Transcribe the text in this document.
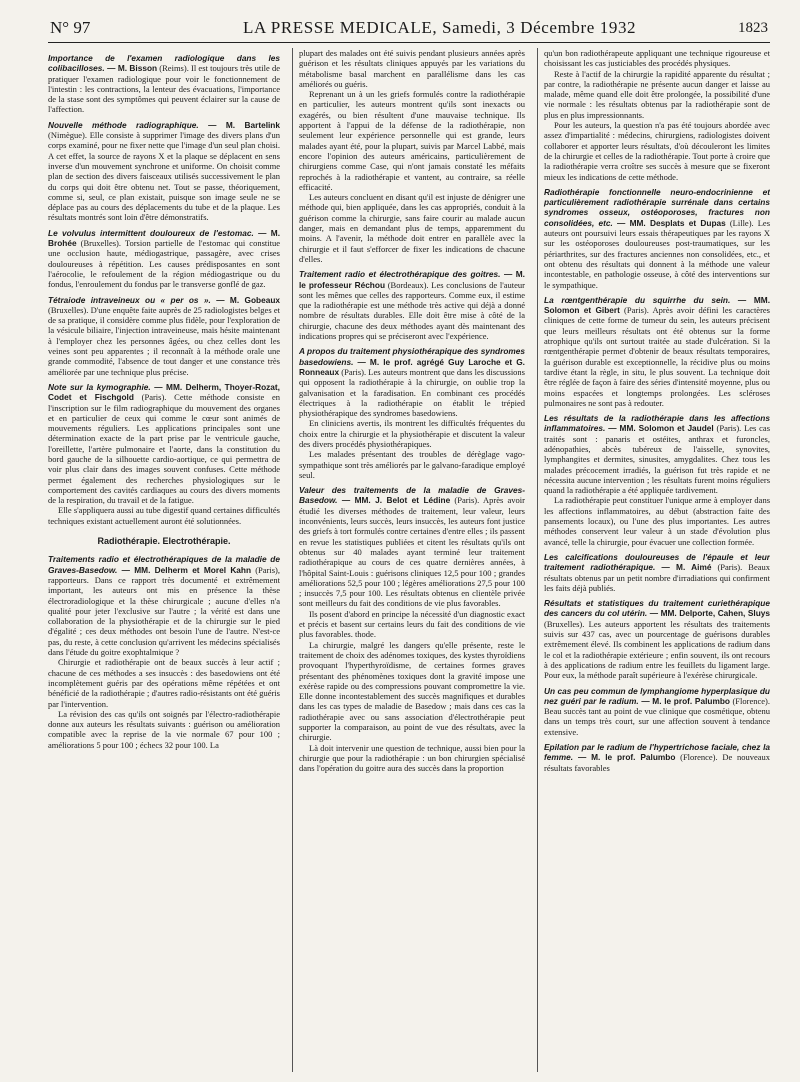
N° 97	LA PRESSE MEDICALE, Samedi, 3 Décembre 1932	1823

Importance de l'examen radiologique dans les colibacilloses. — M. Bisson (Reims). Il est toujours très utile de pratiquer l'examen radiologique pour voir le fonctionnement de l'intestin : les contractions, la lenteur des évacuations, l'importance de la stase sont des symptômes qui peuvent éclairer sur la cause de l'affection.

Nouvelle méthode radiographique. — M. Bartelink (Nimègue). Elle consiste à supprimer l'image des divers plans d'un corps examiné, pour ne fixer nette que l'image d'un seul plan choisi. A cet effet, la source de rayons X et la plaque se déplacent en sens inverse d'un mouvement synchrone et uniforme. On choisit comme plan de section des divers faisceaux utilisés successivement le plan du corps qui doit être obtenu net. Tout se passe, théoriquement, comme si, seul, ce plan existait, puisque son image seule ne se déplace pas au cours des déplacements du tube et de la plaque. Les résultats montrés sont loin d'être démonstratifs.

Le volvulus intermittent douloureux de l'estomac. — M. Brohée (Bruxelles). Torsion partielle de l'estomac qui constitue une occlusion haute, médiogastrique, passagère, avec crises douloureuses à répétition. Les causes prédisposantes en sont l'aérocolie, le refoulement de la région médiogastrique ou du fondus, l'enroulement du fondus par le transverse gonflé de gaz.

Tétraiode intraveineux ou « per os ». — M. Gobeaux (Bruxelles). D'une enquête faite auprès de 25 radiologistes belges et de sa pratique, il considère comme plus fidèle, pour l'exploration de la vésicule biliaire, l'injection intraveineuse, mais hésite maintenant à l'employer chez les personnes âgées, ou chez celles dont les veines sont peu apparentes ; il reconnaît à la méthode orale une grande commodité, l'absence de tout danger et une constance très améliorée par une technique plus précise.

Note sur la kymographie. — MM. Delherm, Thoyer-Rozat, Codet et Fischgold (Paris). Cette méthode consiste en l'inscription sur le film radiographique du mouvement des organes et en particulier de ceux qui comme le cœur sont animés de mouvements réguliers. Les applications principales sont une détermination exacte de la part prise par le ventricule gauche, l'oreillette, l'artère pulmonaire et l'aorte, dans la constitution du bord gauche de la silhouette cardio-aortique, ce qui permettra de voir plus clair dans des images souvent confuses. Cette méthode permet également des recherches physiologiques sur le comportement des cavités cardiaques au cours des divers moments de la respiration, du travail et de la fatigue.

Elle s'appliquera aussi au tube digestif quand certaines difficultés techniques existant actuellement auront été solutionnées.

Radiothérapie. Electrothérapie.

Traitements radio et électrothérapiques de la maladie de Graves-Basedow. — MM. Delherm et Morel Kahn (Paris), rapporteurs. Dans ce rapport très documenté et extrêmement important, les auteurs ont mis en présence la thèse électroradiologique et la thèse chirurgicale ; aucune d'elles n'a qualité pour jeter l'exclusive sur l'autre ; la vérité est dans une collaboration de la physiothérapie et de la chirurgie sur le pied d'égalité ; ces deux méthodes ont besoin l'une de l'autre. N'est-ce pas, du reste, à cette conclusion qu'arrivent les médecins spécialisés dans l'étude du goitre exophtalmique ?

Chirurgie et radiothérapie ont de beaux succès à leur actif ; chacune de ces méthodes a ses insuccès : des basedowiens ont été incomplètement guéris par des opérations même répétées et ont bénéficié de la radiothérapie ; d'autres radio-résistants ont été guéris par l'intervention.

La révision des cas qu'ils ont soignés par l'électro-radiothérapie donne aux auteurs les résultats suivants : guérison ou amélioration compatible avec la reprise de la vie normale 67 pour 100 ; améliorations 5 pour 100 ; échecs 32 pour 100. La

plupart des malades ont été suivis pendant plusieurs années après guérison et les résultats cliniques appuyés par les variations du métabolisme basal marchent en parallélisme dans les cas améliorés ou guéris.

Reprenant un à un les griefs formulés contre la radiothérapie en particulier, les auteurs montrent qu'ils sont inexacts ou exagérés, ou bien résultent d'une mauvaise technique. Ils apportent à l'appui de la défense de la radiothérapie, non seulement leur expérience personnelle qui est grande, leurs malades ayant été, pour la plupart, suivis par Marcel Labbé, mais encore l'opinion des auteurs américains, particulièrement de chirurgiens comme Case, qui n'ont jamais constaté les méfaits reprochés à la radiothérapie et vantent, au contraire, sa réelle efficacité.

Les auteurs concluent en disant qu'il est injuste de dénigrer une méthode qui, bien appliquée, dans les cas appropriés, conduit à la guérison comme la chirurgie, sans faire courir au malade aucun danger, mais en demandant plus de temps, apparemment du moins. A l'avenir, la méthode doit entrer en parallèle avec la chirurgie et il faut s'efforcer de fixer les indications de chacune d'elles.

Traitement radio et électrothérapique des goitres. — M. le professeur Réchou (Bordeaux). Les conclusions de l'auteur sont les mêmes que celles des rapporteurs. Comme eux, il estime que la radiothérapie est une méthode très active qui déjà a donné nombre de résultats durables. Elle doit être mise à côté de la chirurgie, chacune des deux méthodes ayant dès maintenant des indications propres qui se préciseront avec l'expérience.

A propos du traitement physiothérapique des syndromes basedowiens. — M. le prof. agrégé Guy Laroche et G. Ronneaux (Paris). Les auteurs montrent que dans les discussions qui opposent la radiothérapie à la chirurgie, on oublie trop la galvanisation et la faradisation. En combinant ces procédés électriques à la radiothérapie on établit le trépied physiothérapique des syndromes basedowiens.

En cliniciens avertis, ils montrent les difficultés fréquentes du choix entre la chirurgie et la physiothérapie et discutent la valeur des divers procédés physiothérapiques.

Les malades présentant des troubles de dérèglage vago-sympathique sont très améliorés par le galvano-faradique employé seul.

Valeur des traitements de la maladie de Graves-Basedow. — MM. J. Belot et Lédine (Paris). Après avoir étudié les diverses méthodes de traitement, leur valeur, leurs inconvénients, leurs succès, leurs insuccès, les auteurs font justice des griefs à tort formulés contre certaines d'entre elles ; ils passent en revue les statistiques publiées et citent les résultats qu'ils ont obtenus sur 40 malades ayant terminé leur traitement radiothérapique au cours de ces quatre dernières années, à l'hôpital Saint-Louis : guérisons cliniques 12,5 pour 100 ; grandes améliorations 52,5 pour 100 ; légères améliorations 27,5 pour 100 ; insuccès 7,5 pour 100. Les résultats obtenus en clientèle privée sont meilleurs du fait des conditions de vie plus favorables.

Ils posent d'abord en principe la nécessité d'un diagnostic exact et précis et basent sur certains leurs du fait des conditions de vie plus favorables. thode.

La chirurgie, malgré les dangers qu'elle présente, reste le traitement de choix des adénomes toxiques, des kystes thyroïdiens provoquant l'hyperthyroïdisme, de certaines formes graves présentant des phénomènes toxiques dont la gravité impose une exérèse rapide ou des compressions pouvant compromettre la vie. Elle donne incontestablement des succès magnifiques et durables dans les cas types de maladie de Basedow ; mais dans ces cas la radiothérapie avec ou sans association d'électrothérapie peut supporter la comparaison, au point de vue des résultats, avec la chirurgie.

Là doit intervenir une question de technique, aussi bien pour la chirurgie que pour la radiothérapie : un bon chirurgien spécialisé dans l'opération du goitre aura des succès dans la proportion

qu'un bon radiothérapeute appliquant une technique rigoureuse et choisissant les cas justiciables des procédés physiques.

Reste à l'actif de la chirurgie la rapidité apparente du résultat ; par contre, la radiothérapie ne présente aucun danger et laisse au malade, même quand elle doit être prolongée, la possibilité d'une vie normale : les résultats obtenus par la radiothérapie sont de plus en plus impressionnants.

Pour les auteurs, la question n'a pas été toujours abordée avec assez d'impartialité : médecins, chirurgiens, radiologistes doivent collaborer et apporter leurs résultats, d'où découleront les limites de la chirurgie et celles de la radiothérapie. Tout porte à croire que la radiothérapie verra croître ses succès à mesure que se fixeront mieux les indications de cette méthode.

Radiothérapie fonctionnelle neuro-endocrinienne et particulièrement radiothérapie surrénale dans certains syndromes osseux, ostéoporoses, fractures non consolidées, etc. — MM. Desplats et Dupas (Lille). Les auteurs ont poursuivi leurs essais thérapeutiques par les rayons X sur les ostéoporoses douloureuses post-traumatiques, sur les périarthrites, sur des fractures anciennes non consolidées, etc., et ont obtenu des résultats qui donnent à la méthode une valeur incontestable, en pathologie osseuse, à côté des interventions sur le sympathique.

La rœntgenthérapie du squirrhe du sein. — MM. Solomon et Gibert (Paris). Après avoir défini les caractères cliniques de cette forme de tumeur du sein, les auteurs précisent que leurs meilleurs résultats ont été obtenus sur la forme atrophique qu'ils ont surtout traitée au stade d'ulcération. Si la rœntgenthérapie permet d'obtenir de beaux résultats temporaires, la guérison durable est exceptionnelle, la récidive plus ou moins tardive étant la règle, in situ, le plus souvent. La technique doit être réglée de façon à faire des séries d'intensité moyenne, plus ou moins espacées et longtemps prolongées. Les scléroses pulmonaires ne sont pas à redouter.

Les résultats de la radiothérapie dans les affections inflammatoires. — MM. Solomon et Jaudel (Paris). Les cas traités sont : panaris et ostéites, anthrax et furoncles, adénopathies, abcès tubéreux de l'aisselle, synovites, lymphangites et dermites, sinusites, amygdalites. Chez tous les malades précocement irradiés, la guérison fut très rapide et ne nécessita aucune intervention ; les résultats furent moins réguliers quand la radiothérapie a été appliquée tardivement.

La radiothérapie peut constituer l'unique arme à employer dans les affections inflammatoires, au début (abstraction faite des pansements locaux), ou l'une des plus importantes. Les autres méthodes conservent leur valeur à un stade d'évolution plus avancé, telle la chirurgie, pour évacuer une collection formée.

Les calcifications douloureuses de l'épaule et leur traitement radiothérapique. — M. Aimé (Paris). Beaux résultats obtenus par un petit nombre d'irradiations qui confirment les faits déjà publiés.

Résultats et statistiques du traitement curiethérapique des cancers du col utérin. — MM. Delporte, Cahen, Sluys (Bruxelles). Les auteurs apportent les résultats des traitements suivis sur 437 cas, avec un pourcentage de guérisons durables extrêmement élevé. Ils combinent les applications de radium dans le col et la radiothérapie extérieure ; enfin souvent, ils ont recours à des applications de radium entre les feuillets du ligament large. Pour eux, la méthode paraît supérieure à l'exérèse chirurgicale.

Un cas peu commun de lymphangiome hyperplasique du nez guéri par le radium. — M. le prof. Palumbo (Florence). Beau succès tant au point de vue clinique que cosmétique, obtenu dans un temps très court, sur une affection souvent à tendance extensive.

Epilation par le radium de l'hypertrichose faciale, chez la femme. — M. le prof. Palumbo (Florence). De nouveaux résultats favorables
